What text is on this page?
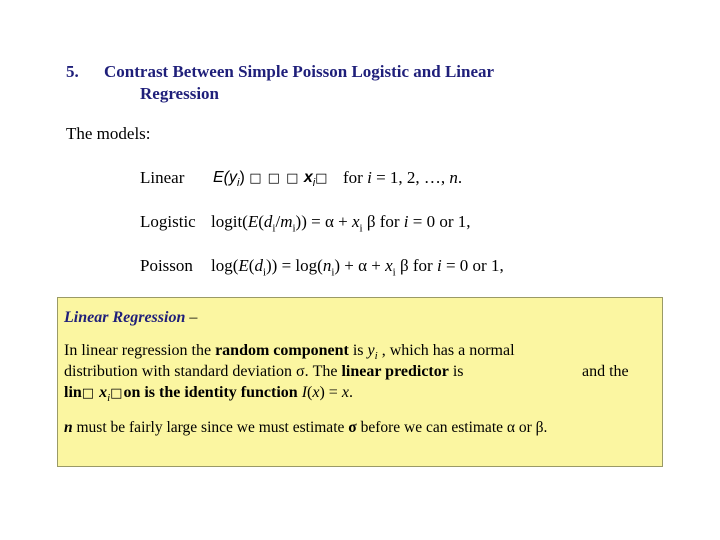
5. Contrast Between Simple Poisson Logistic and Linear
Regression
The models:
Linear $E(y_i)$ □ □ □ $x_i□$ for i = 1, 2, …, n.
Logistic $logit(E(d_i/m_i)) = \alpha + x_i$ β for i = 0 or 1,
Poisson $\log(E(d_i)) = \log(n_i) + \alpha + x_i$ β for i = 0 or 1,
Linear Regression –
In linear regression the random component is $y_i$ , which has a normal
distribution with standard deviation σ. The linear predictor is	and the
lin□ $x_i□on$ is the identity function I(x) = x.
n must be fairly large since we must estimate σ before we can estimate α or β.
